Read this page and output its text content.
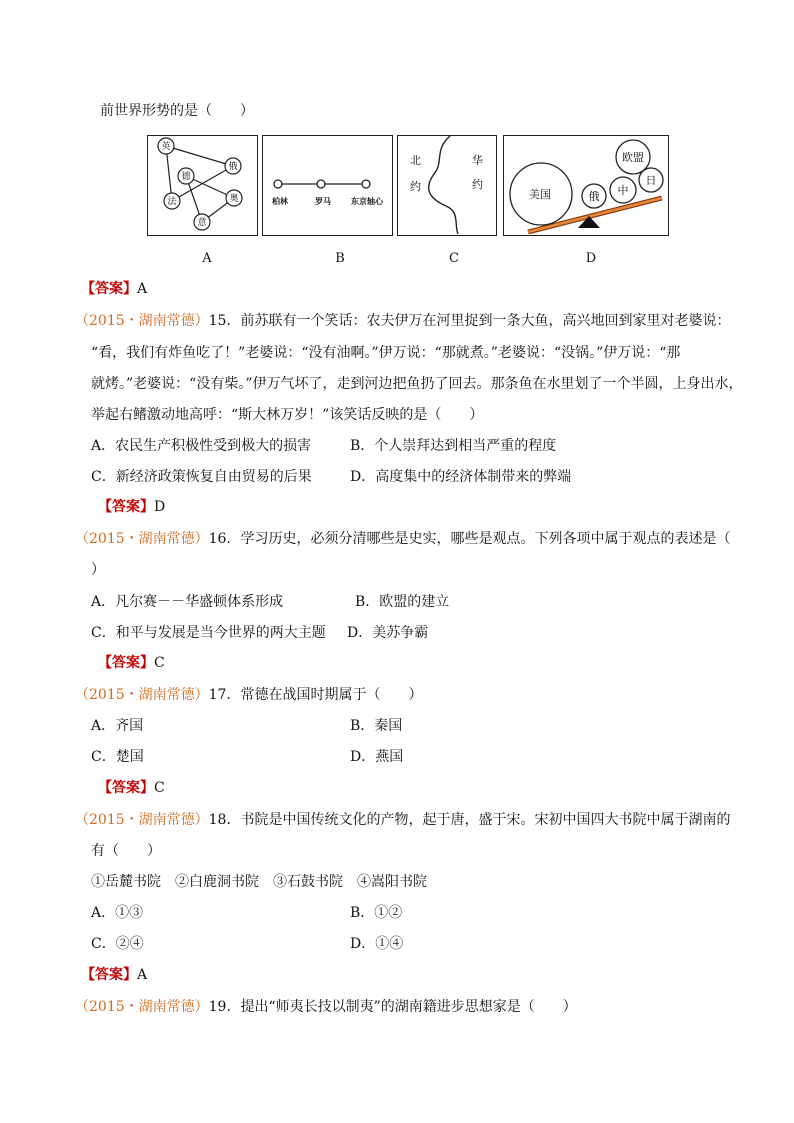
前世界形势的是（　　）
英
德
俄
法	奥
意
A
柏林	罗马	东京轴心
B
北
约
华
约
C
美国	俄 中
日
欧盟
D
【答案】A
（2015・湖南常德）15．前苏联有一个笑话：农夫伊万在河里捉到一条大鱼，高兴地回到家里对老婆说：
“看，我们有炸鱼吃了！”老婆说：“没有油啊。”伊万说：“那就煮。”老婆说：“没锅。”伊万说：“那
就烤。”老婆说：“没有柴。”伊万气坏了，走到河边把鱼扔了回去。那条鱼在水里划了一个半圆，上身出水，
举起右鳍激动地高呼：“斯大林万岁！”该笑话反映的是（　　）
A．农民生产积极性受到极大的损害	B．个人崇拜达到相当严重的程度
C．新经济政策恢复自由贸易的后果	D．高度集中的经济体制带来的弊端
【答案】D
（2015・湖南常德）16．学习历史，必须分清哪些是史实，哪些是观点。下列各项中属于观点的表述是（
）
A．凡尔赛－－华盛顿体系形成	B．欧盟的建立
C．和平与发展是当今世界的两大主题 D．美苏争霸
【答案】C
（2015・湖南常德）17．常德在战国时期属于（　　）
A．齐国	B．秦国
C．楚国	D．燕国
【答案】C
（2015・湖南常德）18．书院是中国传统文化的产物，起于唐，盛于宋。宋初中国四大书院中属于湖南的
有（　　）
①岳麓书院　②白鹿洞书院　③石鼓书院　④嵩阳书院
A．①③	B．①②
C．②④	D．①④
【答案】A
（2015・湖南常德）19．提出“师夷长技以制夷”的湖南籍进步思想家是（　　）
